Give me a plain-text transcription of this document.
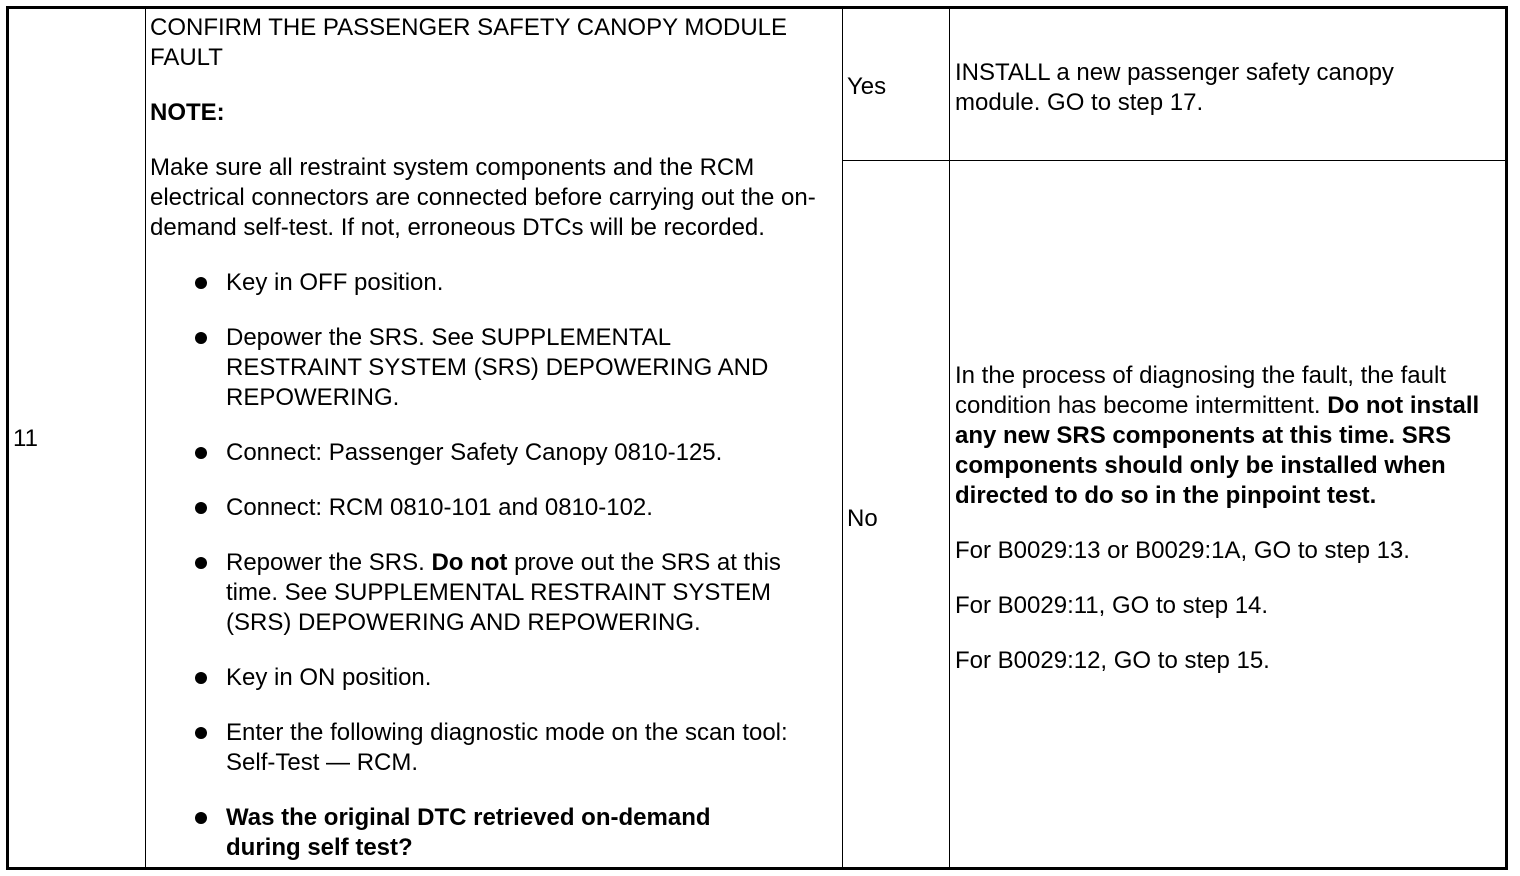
11

CONFIRM THE PASSENGER SAFETY CANOPY MODULE FAULT

NOTE:

Make sure all restraint system components and the RCM electrical connectors are connected before carrying out the on-demand self-test. If not, erroneous DTCs will be recorded.

Key in OFF position.
Depower the SRS. See SUPPLEMENTAL RESTRAINT SYSTEM (SRS) DEPOWERING AND REPOWERING.
Connect: Passenger Safety Canopy 0810-125.
Connect: RCM 0810-101 and 0810-102.
Repower the SRS. Do not prove out the SRS at this time. See SUPPLEMENTAL RESTRAINT SYSTEM (SRS) DEPOWERING AND REPOWERING.
Key in ON position.
Enter the following diagnostic mode on the scan tool: Self-Test — RCM.
Was the original DTC retrieved on-demand during self test?
Yes
INSTALL a new passenger safety canopy module. GO to step 17.
No

In the process of diagnosing the fault, the fault condition has become intermittent. Do not install any new SRS components at this time. SRS components should only be installed when directed to do so in the pinpoint test.

For B0029:13 or B0029:1A, GO to step 13.

For B0029:11, GO to step 14.

For B0029:12, GO to step 15.
